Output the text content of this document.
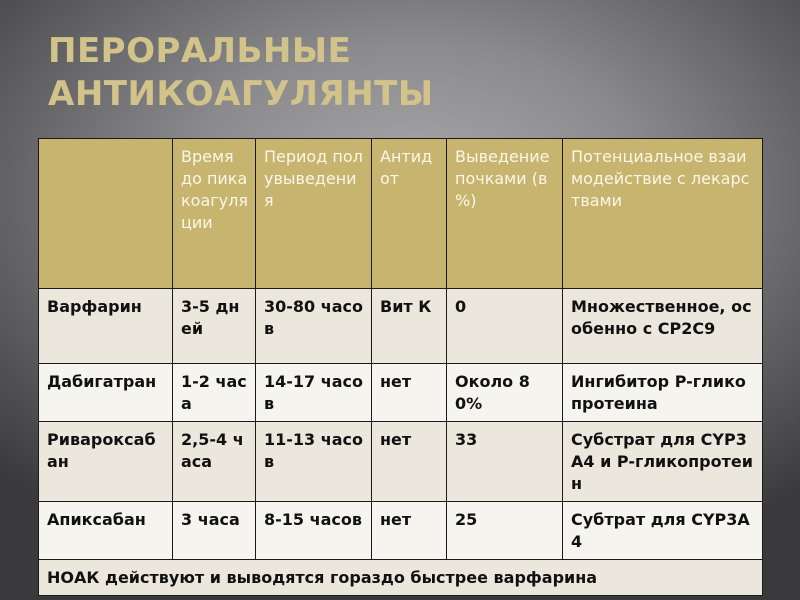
ПЕРОРАЛЬНЫЕ
АНТИКОАГУЛЯНТЫ
	Время до пика коагуляции	Период полувыведения	Антидот	Выведение почками (в %)	Потенциальное взаимодействие с лекарствами
Варфарин	3-5 дней	30-80 часов	Вит К	0	Множественное, особенно с CP2C9
Дабигатран	1-2 часа	14-17 часов	нет	Около 80%	Ингибитор P-гликопротеина
Ривароксабан	2,5-4 часа	11-13 часов	нет	33	Субстрат для CYP3A4 и P-гликопротеин
Апиксабан	3 часа	8-15 часов	нет	25	Субтрат для CYP3A4
НОАК действуют и выводятся гораздо быстрее варфарина					
